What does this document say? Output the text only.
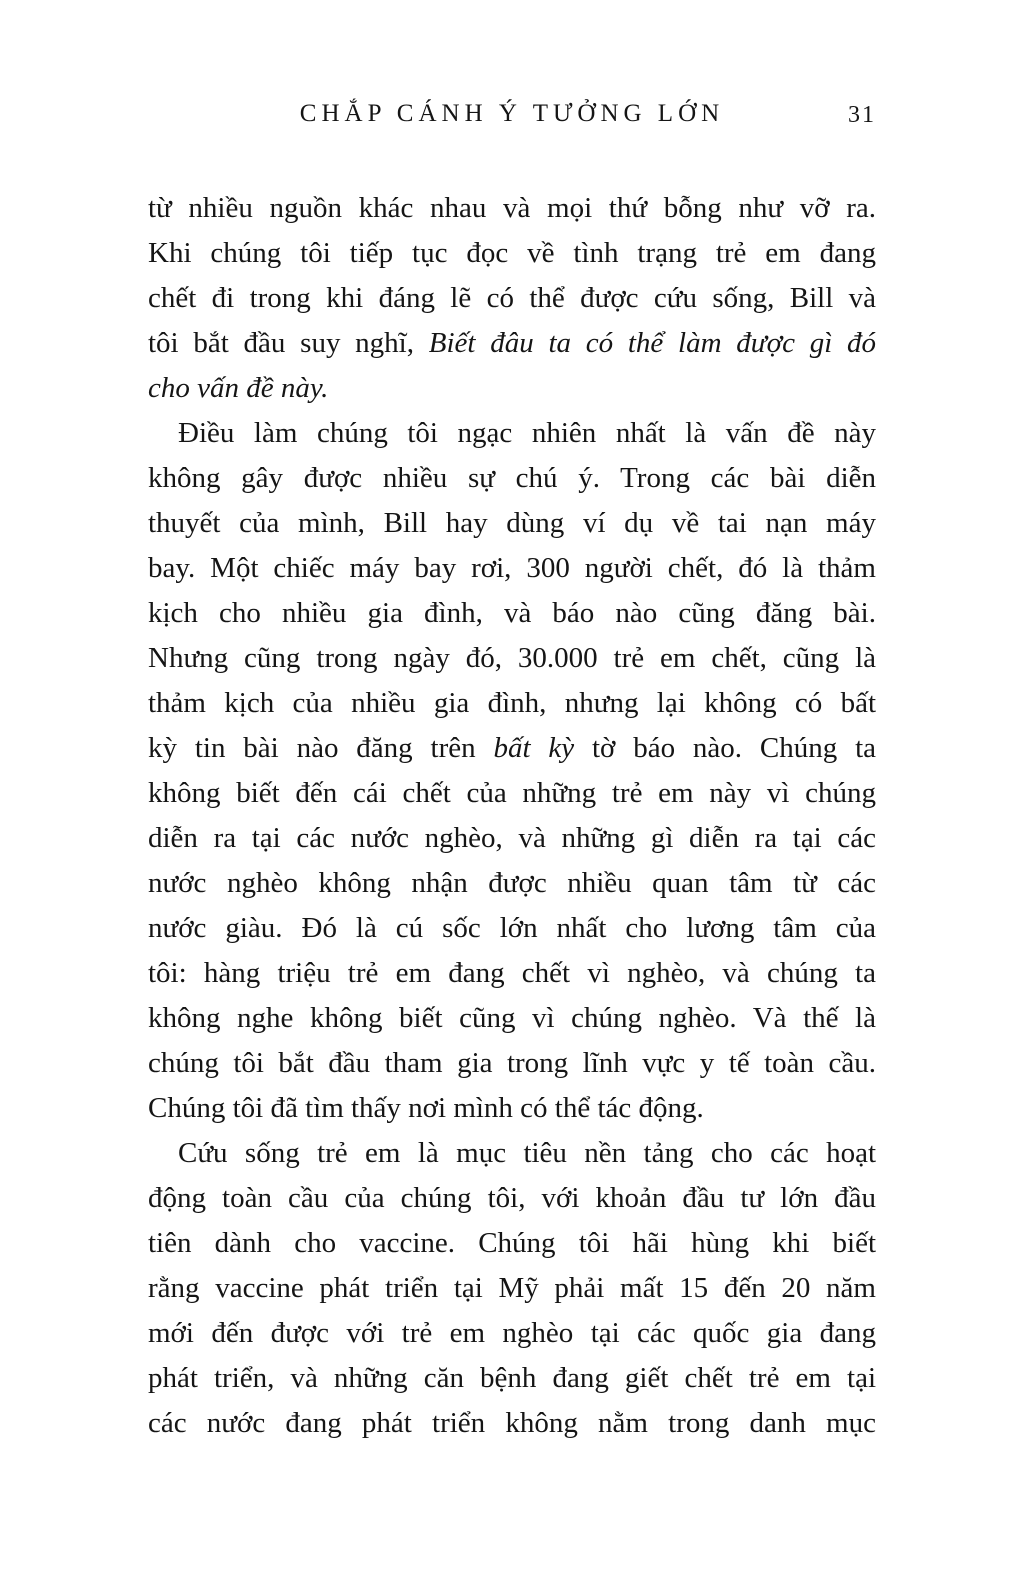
CHẮP CÁNH Ý TƯỞNG LỚN	31
từ nhiều nguồn khác nhau và mọi thứ bỗng như vỡ ra.
Khi chúng tôi tiếp tục đọc về tình trạng trẻ em đang
chết đi trong khi đáng lẽ có thể được cứu sống, Bill và
tôi bắt đầu suy nghĩ, Biết đâu ta có thể làm được gì đó
cho vấn đề này.
Điều làm chúng tôi ngạc nhiên nhất là vấn đề này
không gây được nhiều sự chú ý. Trong các bài diễn
thuyết của mình, Bill hay dùng ví dụ về tai nạn máy
bay. Một chiếc máy bay rơi, 300 người chết, đó là thảm
kịch cho nhiều gia đình, và báo nào cũng đăng bài.
Nhưng cũng trong ngày đó, 30.000 trẻ em chết, cũng là
thảm kịch của nhiều gia đình, nhưng lại không có bất
kỳ tin bài nào đăng trên bất kỳ tờ báo nào. Chúng ta
không biết đến cái chết của những trẻ em này vì chúng
diễn ra tại các nước nghèo, và những gì diễn ra tại các
nước nghèo không nhận được nhiều quan tâm từ các
nước giàu. Đó là cú sốc lớn nhất cho lương tâm của
tôi: hàng triệu trẻ em đang chết vì nghèo, và chúng ta
không nghe không biết cũng vì chúng nghèo. Và thế là
chúng tôi bắt đầu tham gia trong lĩnh vực y tế toàn cầu.
Chúng tôi đã tìm thấy nơi mình có thể tác động.
Cứu sống trẻ em là mục tiêu nền tảng cho các hoạt
động toàn cầu của chúng tôi, với khoản đầu tư lớn đầu
tiên dành cho vaccine. Chúng tôi hãi hùng khi biết
rằng vaccine phát triển tại Mỹ phải mất 15 đến 20 năm
mới đến được với trẻ em nghèo tại các quốc gia đang
phát triển, và những căn bệnh đang giết chết trẻ em tại
các nước đang phát triển không nằm trong danh mục
